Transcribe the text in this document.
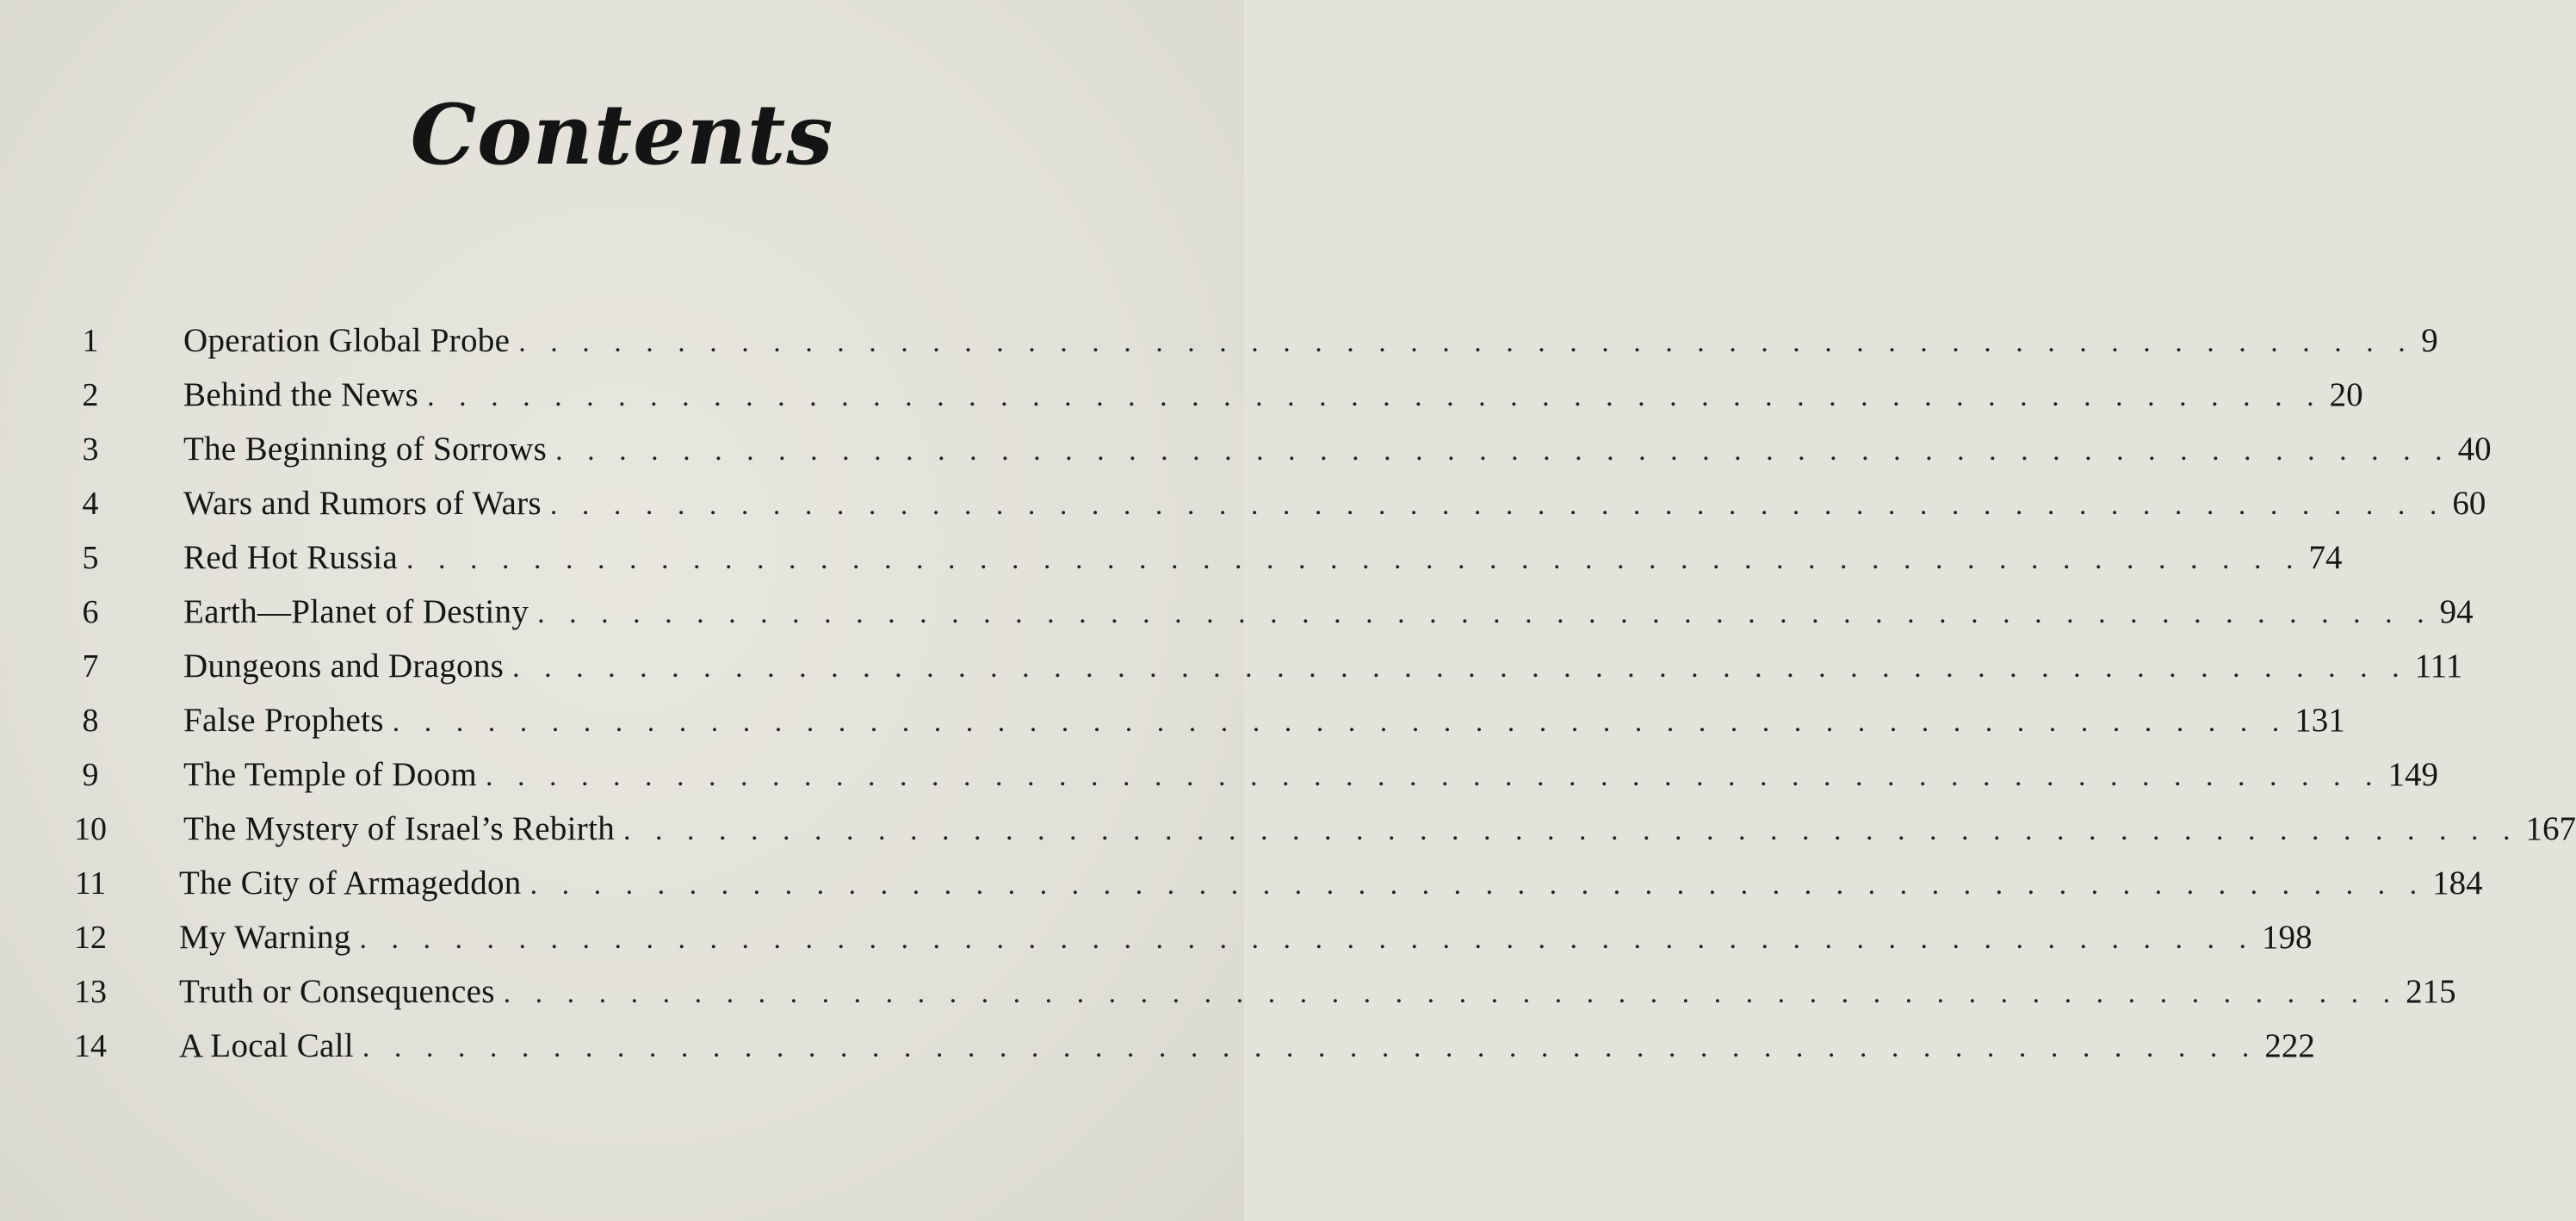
Contents
1	Operation Global Probe . . . . . . . . . . . . . . . . . . . . . . . . . . . . . . . . . . . . . . . . . . . . . . . . . . . . . . . . . . . . 9
2	Behind the News . . . . . . . . . . . . . . . . . . . . . . . . . . . . . . . . . . . . . . . . . . . . . . . . . . . . . . . . . . . . 20
3	The Beginning of Sorrows . . . . . . . . . . . . . . . . . . . . . . . . . . . . . . . . . . . . . . . . . . . . . . . . . . . . . . . . . . . . 40
4	Wars and Rumors of Wars . . . . . . . . . . . . . . . . . . . . . . . . . . . . . . . . . . . . . . . . . . . . . . . . . . . . . . . . . . . . 60
5	Red Hot Russia . . . . . . . . . . . . . . . . . . . . . . . . . . . . . . . . . . . . . . . . . . . . . . . . . . . . . . . . . . . . 74
6	Earth—Planet of Destiny . . . . . . . . . . . . . . . . . . . . . . . . . . . . . . . . . . . . . . . . . . . . . . . . . . . . . . . . . . . . 94
7	Dungeons and Dragons . . . . . . . . . . . . . . . . . . . . . . . . . . . . . . . . . . . . . . . . . . . . . . . . . . . . . . . . . . . . 111
8	False Prophets . . . . . . . . . . . . . . . . . . . . . . . . . . . . . . . . . . . . . . . . . . . . . . . . . . . . . . . . . . . . 131
9	The Temple of Doom . . . . . . . . . . . . . . . . . . . . . . . . . . . . . . . . . . . . . . . . . . . . . . . . . . . . . . . . . . . . 149
10	The Mystery of Israel’s Rebirth . . . . . . . . . . . . . . . . . . . . . . . . . . . . . . . . . . . . . . . . . . . . . . . . . . . . . . . . . . . . 167
11	The City of Armageddon . . . . . . . . . . . . . . . . . . . . . . . . . . . . . . . . . . . . . . . . . . . . . . . . . . . . . . . . . . . . 184
12	My Warning . . . . . . . . . . . . . . . . . . . . . . . . . . . . . . . . . . . . . . . . . . . . . . . . . . . . . . . . . . . . 198
13	Truth or Consequences . . . . . . . . . . . . . . . . . . . . . . . . . . . . . . . . . . . . . . . . . . . . . . . . . . . . . . . . . . . . 215
14	A Local Call . . . . . . . . . . . . . . . . . . . . . . . . . . . . . . . . . . . . . . . . . . . . . . . . . . . . . . . . . . . . 222
